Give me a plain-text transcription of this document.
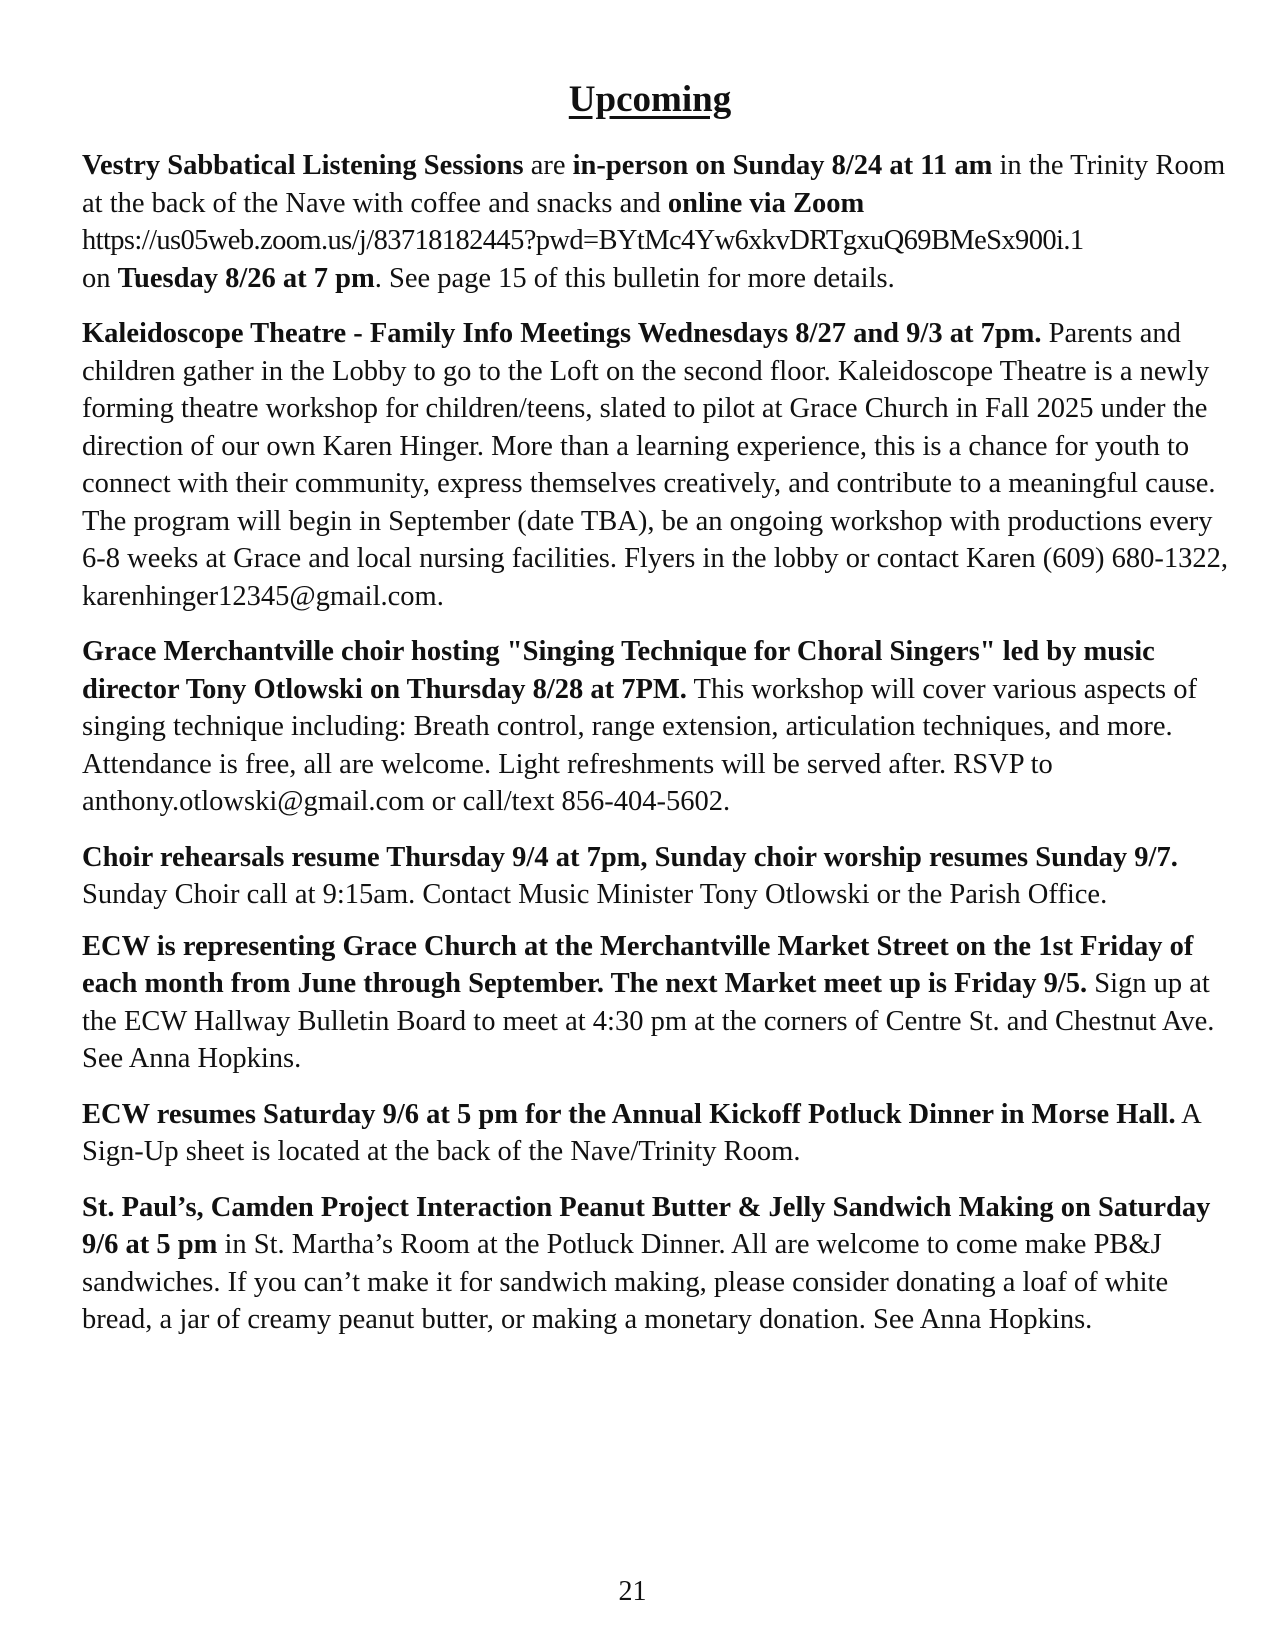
Upcoming

Vestry Sabbatical Listening Sessions are in-person on Sunday 8/24 at 11 am in the Trinity Room at the back of the Nave with coffee and snacks and online via Zoom
https://us05web.zoom.us/j/83718182445?pwd=BYtMc4Yw6xkvDRTgxuQ69BMeSx900i.1
on Tuesday 8/26 at 7 pm. See page 15 of this bulletin for more details.

Kaleidoscope Theatre - Family Info Meetings Wednesdays 8/27 and 9/3 at 7pm. Parents and children gather in the Lobby to go to the Loft on the second floor. Kaleidoscope Theatre is a newly forming theatre workshop for children/teens, slated to pilot at Grace Church in Fall 2025 under the direction of our own Karen Hinger. More than a learning experience, this is a chance for youth to connect with their community, express themselves creatively, and contribute to a meaningful cause. The program will begin in September (date TBA), be an ongoing workshop with productions every 6-8 weeks at Grace and local nursing facilities. Flyers in the lobby or contact Karen (609) 680-1322, karenhinger12345@gmail.com.

Grace Merchantville choir hosting "Singing Technique for Choral Singers" led by music director Tony Otlowski on Thursday 8/28 at 7PM. This workshop will cover various aspects of singing technique including: Breath control, range extension, articulation techniques, and more. Attendance is free, all are welcome. Light refreshments will be served after. RSVP to anthony.otlowski@gmail.com or call/text 856-404-5602.

Choir rehearsals resume Thursday 9/4 at 7pm, Sunday choir worship resumes Sunday 9/7. Sunday Choir call at 9:15am. Contact Music Minister Tony Otlowski or the Parish Office.

ECW is representing Grace Church at the Merchantville Market Street on the 1st Friday of each month from June through September. The next Market meet up is Friday 9/5. Sign up at the ECW Hallway Bulletin Board to meet at 4:30 pm at the corners of Centre St. and Chestnut Ave. See Anna Hopkins.

ECW resumes Saturday 9/6 at 5 pm for the Annual Kickoff Potluck Dinner in Morse Hall. A Sign-Up sheet is located at the back of the Nave/Trinity Room.

St. Paul’s, Camden Project Interaction Peanut Butter & Jelly Sandwich Making on Saturday 9/6 at 5 pm in St. Martha’s Room at the Potluck Dinner. All are welcome to come make PB&J sandwiches. If you can’t make it for sandwich making, please consider donating a loaf of white bread, a jar of creamy peanut butter, or making a monetary donation. See Anna Hopkins.

21
